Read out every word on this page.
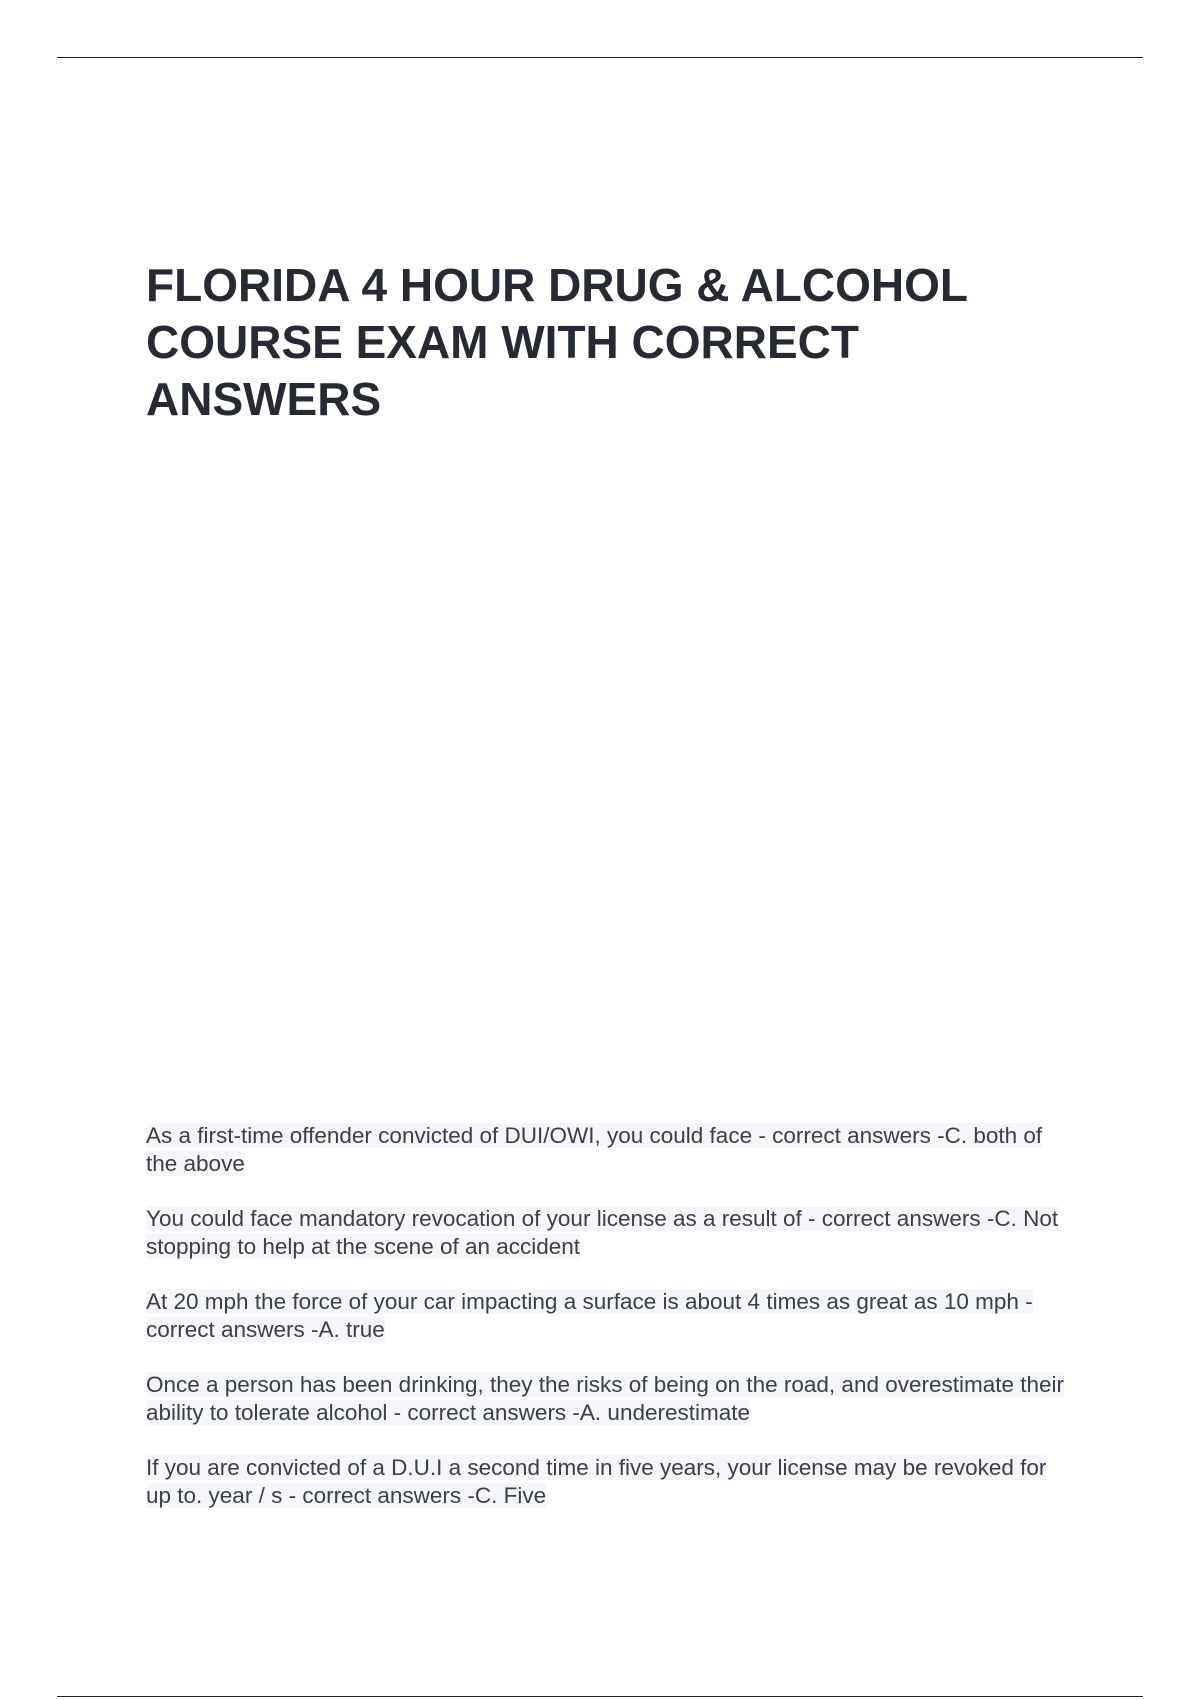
FLORIDA 4 HOUR DRUG & ALCOHOL COURSE EXAM WITH CORRECT ANSWERS
As a first-time offender convicted of DUI/OWI, you could face - correct answers -C. both of the above
You could face mandatory revocation of your license as a result of - correct answers -C. Not stopping to help at the scene of an accident
At 20 mph the force of your car impacting a surface is about 4 times as great as 10 mph - correct answers -A. true
Once a person has been drinking, they the risks of being on the road, and overestimate their ability to tolerate alcohol - correct answers -A. underestimate
If you are convicted of a D.U.I a second time in five years, your license may be revoked for up to. year / s - correct answers -C. Five
